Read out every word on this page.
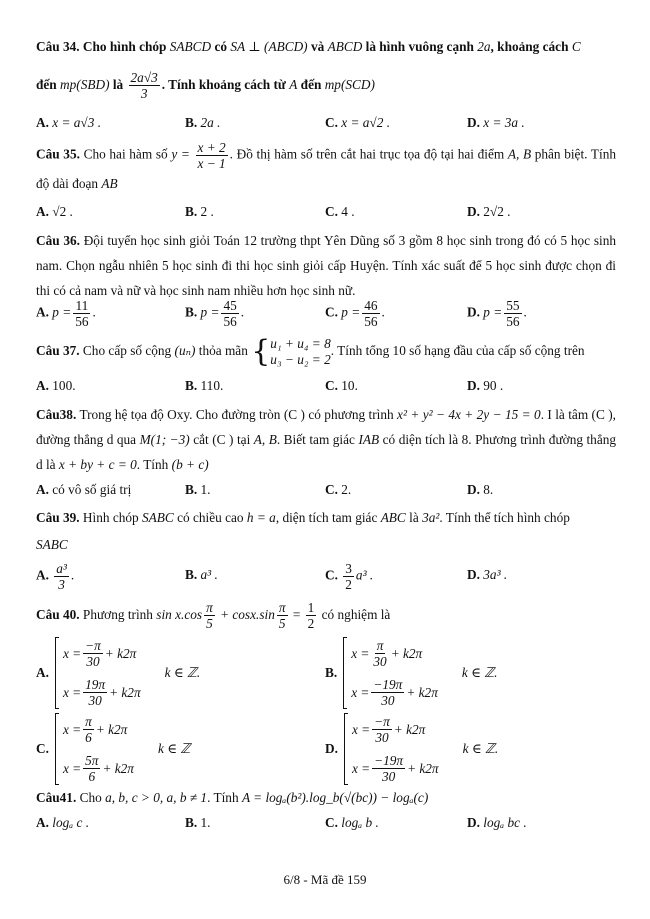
Câu 34. Cho hình chóp SABCD có SA ⊥ (ABCD) và ABCD là hình vuông cạnh 2a, khoảng cách C

đến mp(SBD) là $\frac{2a√3}{3}$ . Tính khoảng cách từ A đến mp(SCD)

A. x = a√3 .	B. 2a .	C. x = a√2 .	D. x = 3a .

Câu 35. Cho hai hàm số $y = \frac{x + 2}{x - 1}$ . Đồ thị hàm số trên cắt hai trục tọa độ tại hai điểm A, B phân biệt. Tính độ dài đoạn AB

A. √2 .	B. 2 .	C. 4 .	D. 2√2 .

Câu 36. Đội tuyển học sinh giỏi Toán 12 trường thpt Yên Dũng số 3 gồm 8 học sinh trong đó có 5 học sinh nam. Chọn ngẫu nhiên 5 học sinh đi thi học sinh giỏi cấp Huyện. Tính xác suất để 5 học sinh được chọn đi thi có cả nam và nữ và học sinh nam nhiều hơn học sinh nữ.

A. $p = \frac{11}{56}$ .	B. $p = \frac{45}{56}$ .	C. $p = \frac{46}{56}$ .	D. $p = \frac{55}{56}$ .

Câu 37. Cho cấp số cộng (uₙ) thỏa mãn { u₁ + u₄ = 8
u₃ − u₂ = 2
. Tính tổng 10 số hạng đầu của cấp số cộng trên

A. 100.	B. 110.	C. 10.	D. 90 .

Câu38. Trong hệ tọa độ Oxy. Cho đường tròn (C ) có phương trình x² + y² − 4x + 2y − 15 = 0. I là tâm (C ), đường thẳng d qua M(1; −3) cắt (C ) tại A, B. Biết tam giác IAB có diện tích là 8. Phương trình đường thẳng d là x + by + c = 0. Tính (b + c)

A. có vô số giá trị	B. 1.	C. 2.	D. 8.

Câu 39. Hình chóp SABC có chiều cao h = a, diện tích tam giác ABC là 3a². Tính thể tích hình chóp
SABC

A. $\frac{\text{a³}}{3}$ .	B. a³ .	C. $\frac{3}{2} a^3$ .	D. 3a³ .

Câu 40. Phương trình $\sin x.\cos \frac{\pi}{5} + \cos x.\sin \frac{\pi}{5} = \frac{1}{2}$ có nghiệm là

A.
$x = \frac{-\pi}{30} + k2\pi$
$x = \frac{19\pi}{30} + k2\pi$
k ∈ ℤ.	B.
$x = \frac{\pi}{30} + k2\pi$
$x = \frac{-19\pi}{30} + k2\pi$
k ∈ ℤ.
C.
$x = \frac{\pi}{6} + k2\pi$
$x = \frac{5\pi}{6} + k2\pi$
k ∈ ℤ	D.
$x = \frac{-\pi}{30} + k2\pi$
$x = \frac{-19\pi}{30} + k2\pi$
k ∈ ℤ.

Câu41. Cho a, b, c > 0, a, b ≠ 1. Tính A = logₐ(b²).log_b(√(bc)) − logₐ(c)

A. logₐ c .	B. 1.	C. logₐ b .	D. logₐ bc .
6/8 - Mã đề 159
